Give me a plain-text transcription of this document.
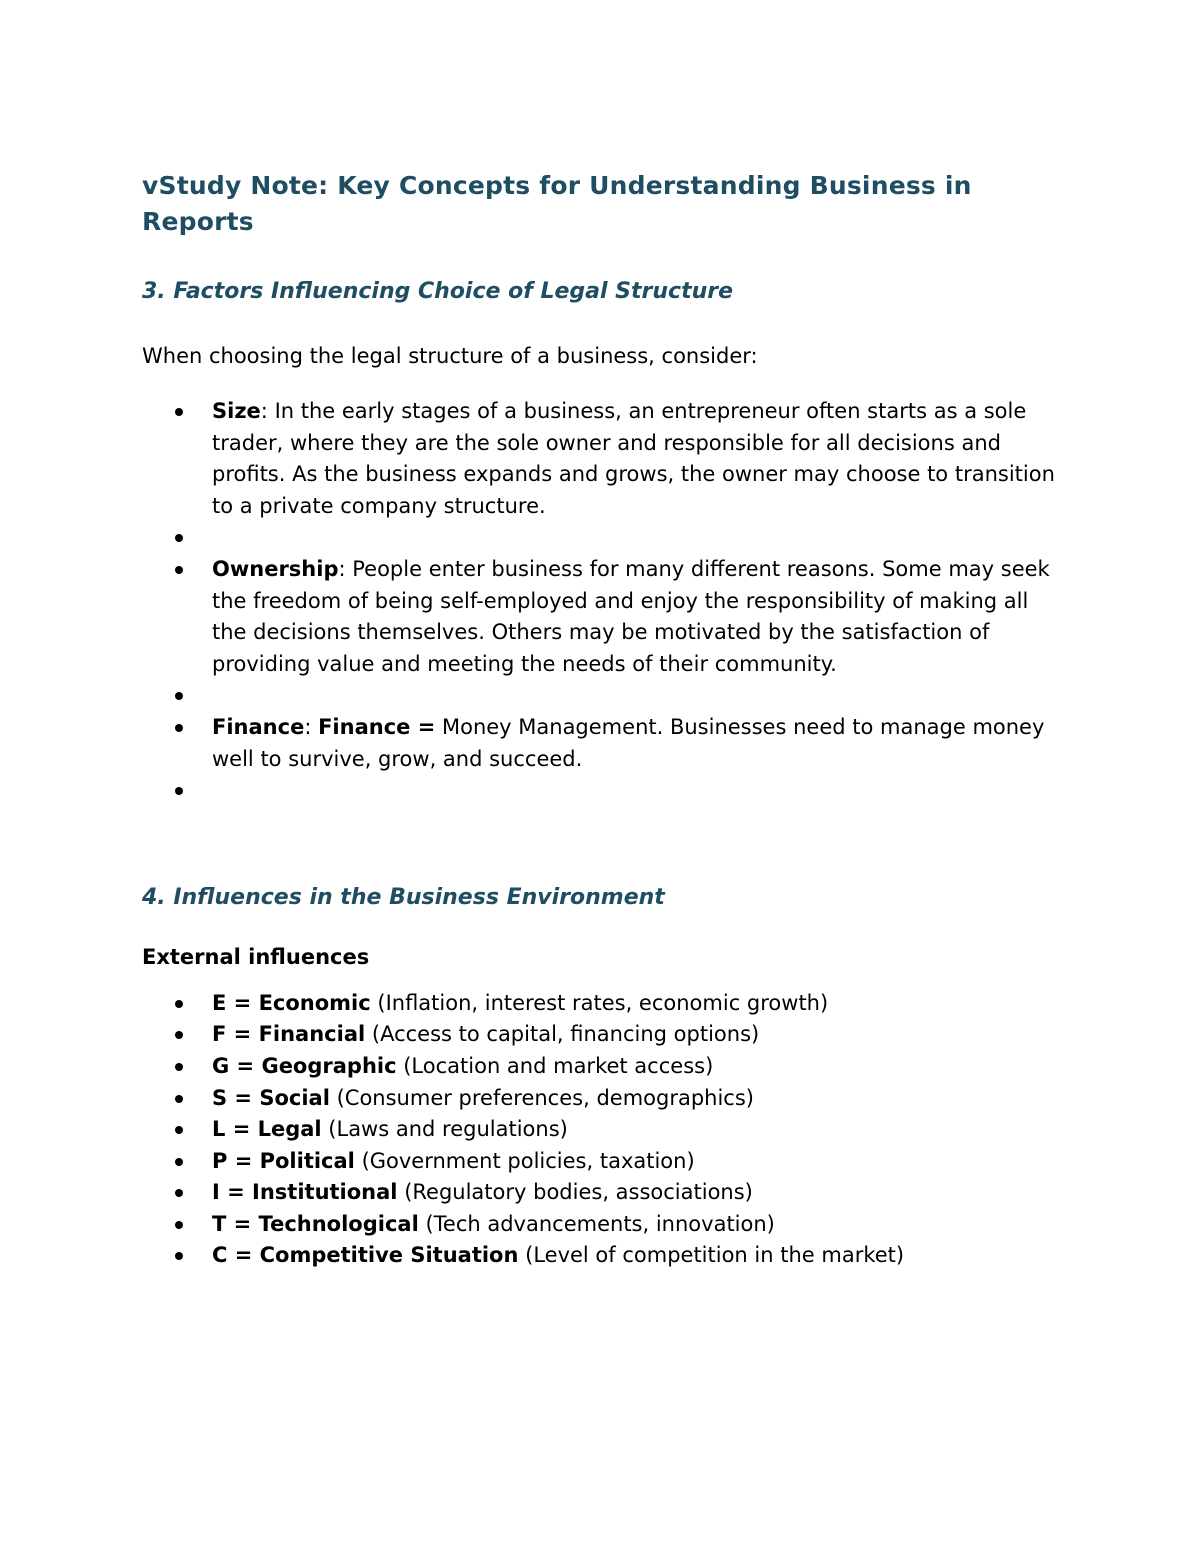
vStudy Note: Key Concepts for Understanding Business in Reports
3. Factors Influencing Choice of Legal Structure

When choosing the legal structure of a business, consider:

Size: In the early stages of a business, an entrepreneur often starts as a sole trader, where they are the sole owner and responsible for all decisions and profits. As the business expands and grows, the owner may choose to transition to a private company structure.
Ownership: People enter business for many different reasons. Some may seek the freedom of being self-employed and enjoy the responsibility of making all the decisions themselves. Others may be motivated by the satisfaction of providing value and meeting the needs of their community.
Finance: Finance = Money Management. Businesses need to manage money well to survive, grow, and succeed.
4. Influences in the Business Environment

External influences

E = Economic (Inflation, interest rates, economic growth)
F = Financial (Access to capital, financing options)
G = Geographic (Location and market access)
S = Social (Consumer preferences, demographics)
L = Legal (Laws and regulations)
P = Political (Government policies, taxation)
I = Institutional (Regulatory bodies, associations)
T = Technological (Tech advancements, innovation)
C = Competitive Situation (Level of competition in the market)
